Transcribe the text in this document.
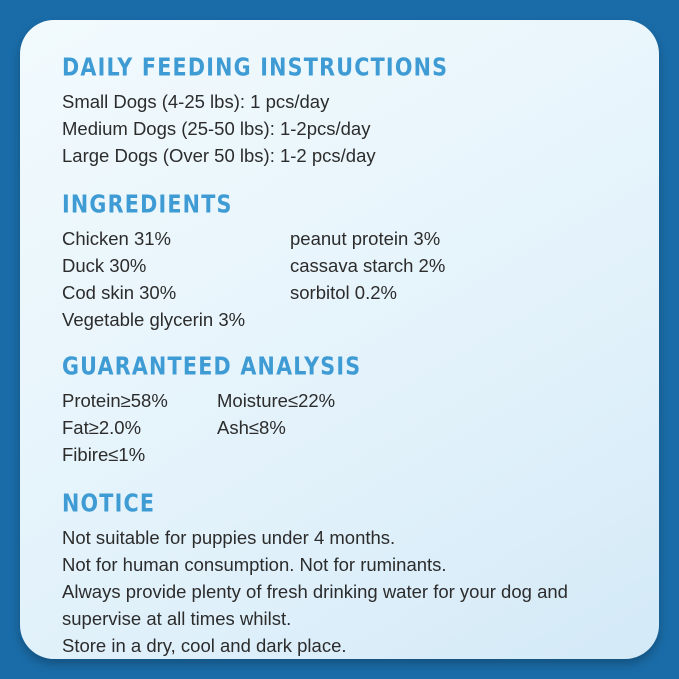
DAILY FEEDING INSTRUCTIONS
Small Dogs (4-25 lbs): 1 pcs/day
Medium Dogs (25-50 lbs): 1-2pcs/day
Large Dogs (Over 50 lbs): 1-2 pcs/day
INGREDIENTS
Chicken 31%	peanut protein 3%
Duck 30%	cassava starch 2%
Cod skin 30%	sorbitol 0.2%
Vegetable glycerin 3%
GUARANTEED ANALYSIS
Protein≥58%	Moisture≤22%
Fat≥2.0%	Ash≤8%
Fibire≤1%
NOTICE
Not suitable for puppies under 4 months.
Not for human consumption. Not for ruminants.
Always provide plenty of fresh drinking water for your dog and
supervise at all times whilst.
Store in a dry, cool and dark place.
